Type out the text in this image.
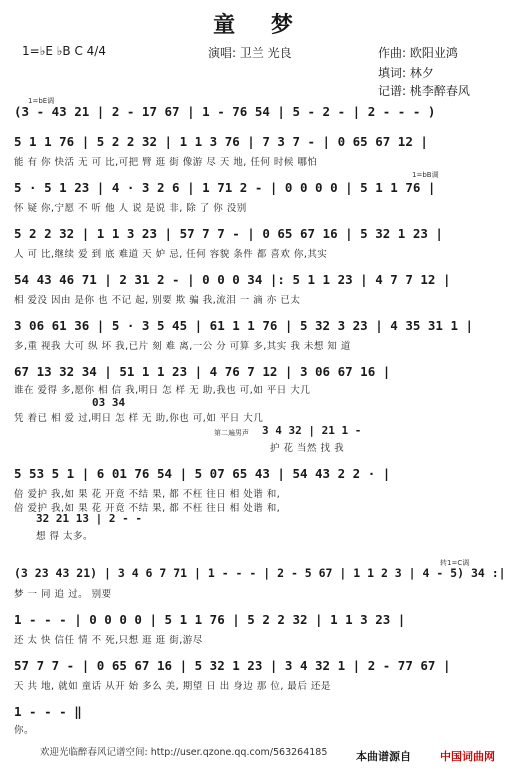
童 梦
1=♭E ♭B C 4/4	演唱: 卫兰 光良	作曲: 欧阳业鸿
填词: 林夕
记谱: 桃李醉春风
1=bE调
(3 - 43 21 | 2 - 17 67 | 1 - 76 54 | 5 - 2 - | 2 - - - )
5 1 1 76 | 5 2 2 32 | 1 1 3 76 | 7 3 7 - | 0 65 67 12 |
能 有 你 快活 无 可 比,可把 臂 逛 街 像游 尽 天 地, 任何 时候 哪怕
1=bB调
5 · 5 1 23 | 4 · 3 2 6 | 1 71 2 - | 0 0 0 0 | 5 1 1 76 |
怀 疑 你,宁愿 不 听 他 人 说 是说 非, 除 了 你 没别
5 2 2 32 | 1 1 3 23 | 57 7 7 - | 0 65 67 16 | 5 32 1 23 |
人 可 比,继续 爱 到 底 难道 天 妒 忌, 任何 容貌 条件 都 喜欢 你,其实
54 43 46 71 | 2 31 2 - | 0 0 0 34 |: 5 1 1 23 | 4 7 7 12 |
相 爱没 因由 是你 也 不记 起, 别要 欺 骗 我,流泪 一 滴 亦 已太
3 06 61 36 | 5 · 3 5 45 | 61 1 1 76 | 5 32 3 23 | 4 35 31 1 |
多,重 视我 大可 纵 坏 我,已片 刻 难 离,一公 分 可算 多,其实 我 未想 知 道
67 13 32 34 | 51 1 1 23 | 4 76 7 12 | 3 06 67 16 |
谁在 爱得 多,愿你 相 信 我,明日 怎 样 无 助,我也 可,如 平日 大几
03 34
凭 着已 相 爱 过,明日 怎 样 无 助,你也 可,如 平日 大几
第二遍男声 3 4 32 | 21 1 -
护 花 当然 找 我
5 53 5 1 | 6 01 76 54 | 5 07 65 43 | 54 43 2 2 · |
倍 爱护 我,如 果 花 开竟 不结 果, 都 不枉 往日 相 处谐 和,
倍 爱护 我,如 果 花 开竟 不结 果, 都 不枉 往日 相 处谐 和,
32 21 13 | 2 - -
想 得 太多。
转1=C调
(3 23 43 21) | 3 4 6 7 71 | 1 - - - | 2 - 5 67 | 1 1 2 3 | 4 - 5) 34 :|
梦 一 同 追 过。 别要
1 - - - | 0 0 0 0 | 5 1 1 76 | 5 2 2 32 | 1 1 3 23 |
还 太 快 信任 情 不 死,只想 逛 逛 街,游尽
57 7 7 - | 0 65 67 16 | 5 32 1 23 | 3 4 32 1 | 2 - 77 67 |
天 共 地, 就如 童话 从开 始 多么 美, 期望 日 出 身边 那 位, 最后 还是
1 - - - ‖
你。
欢迎光临醉春风记谱空间: http://user.qzone.qq.com/563264185	本曲谱源自	中国词曲网
